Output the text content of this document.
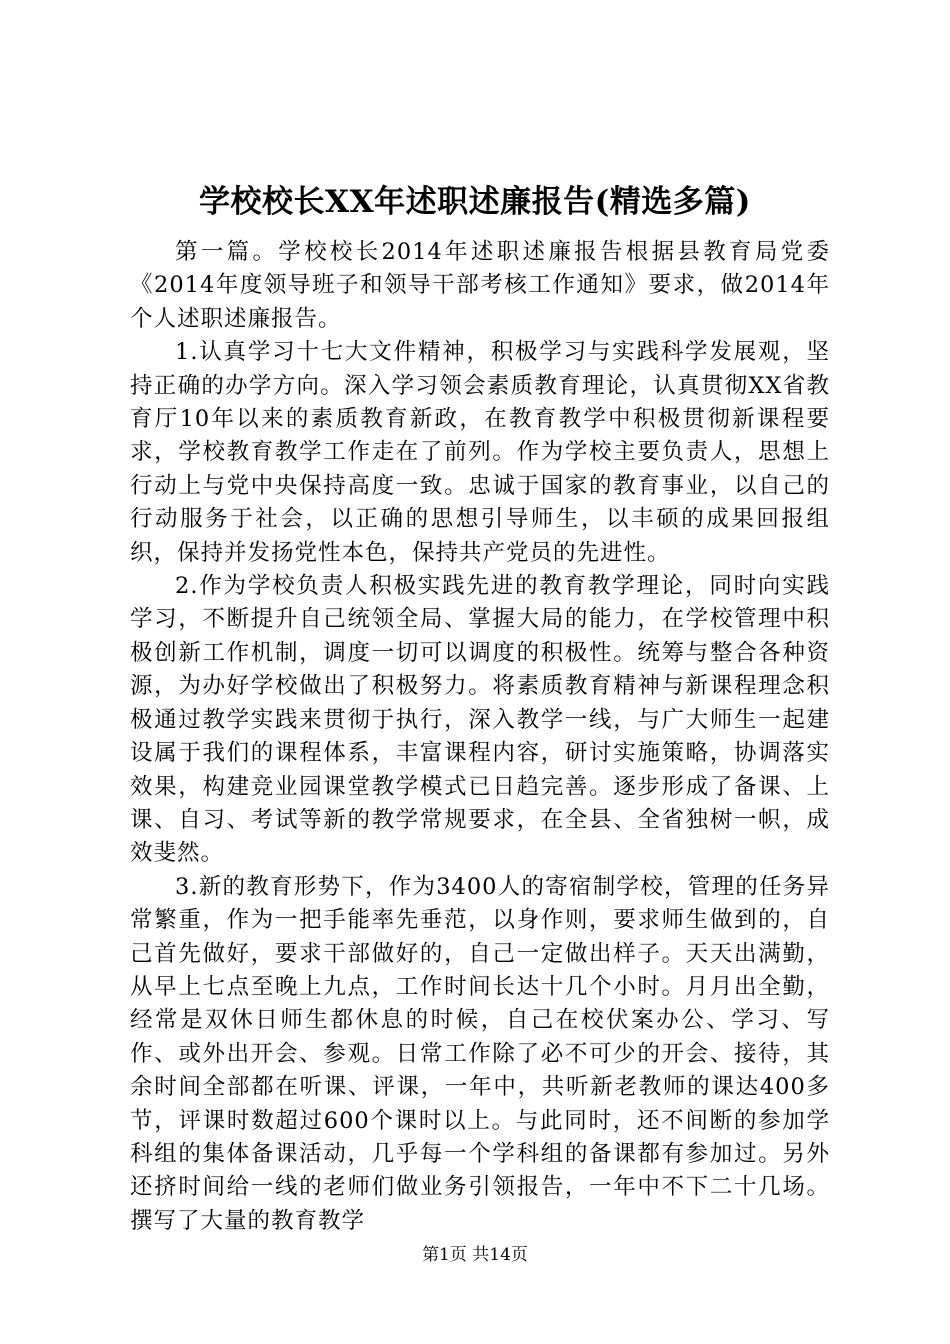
学校校长XX年述职述廉报告(精选多篇)

第一篇。学校校长2014年述职述廉报告根据县教育局党委《2014年度领导班子和领导干部考核工作通知》要求，做2014年个人述职述廉报告。

1.认真学习十七大文件精神，积极学习与实践科学发展观，坚持正确的办学方向。深入学习领会素质教育理论，认真贯彻XX省教育厅10年以来的素质教育新政，在教育教学中积极贯彻新课程要求，学校教育教学工作走在了前列。作为学校主要负责人，思想上行动上与党中央保持高度一致。忠诚于国家的教育事业，以自己的行动服务于社会，以正确的思想引导师生，以丰硕的成果回报组织，保持并发扬党性本色，保持共产党员的先进性。

2.作为学校负责人积极实践先进的教育教学理论，同时向实践学习，不断提升自己统领全局、掌握大局的能力，在学校管理中积极创新工作机制，调度一切可以调度的积极性。统筹与整合各种资源，为办好学校做出了积极努力。将素质教育精神与新课程理念积极通过教学实践来贯彻于执行，深入教学一线，与广大师生一起建设属于我们的课程体系，丰富课程内容，研讨实施策略，协调落实效果，构建竞业园课堂教学模式已日趋完善。逐步形成了备课、上课、自习、考试等新的教学常规要求，在全县、全省独树一帜，成效斐然。

3.新的教育形势下，作为3400人的寄宿制学校，管理的任务异常繁重，作为一把手能率先垂范，以身作则，要求师生做到的，自己首先做好，要求干部做好的，自己一定做出样子。天天出满勤，从早上七点至晚上九点，工作时间长达十几个小时。月月出全勤，经常是双休日师生都休息的时候，自己在校伏案办公、学习、写作、或外出开会、参观。日常工作除了必不可少的开会、接待，其余时间全部都在听课、评课，一年中，共听新老教师的课达400多节，评课时数超过600个课时以上。与此同时，还不间断的参加学科组的集体备课活动，几乎每一个学科组的备课都有参加过。另外还挤时间给一线的老师们做业务引领报告，一年中不下二十几场。撰写了大量的教育教学

第1页 共14页
